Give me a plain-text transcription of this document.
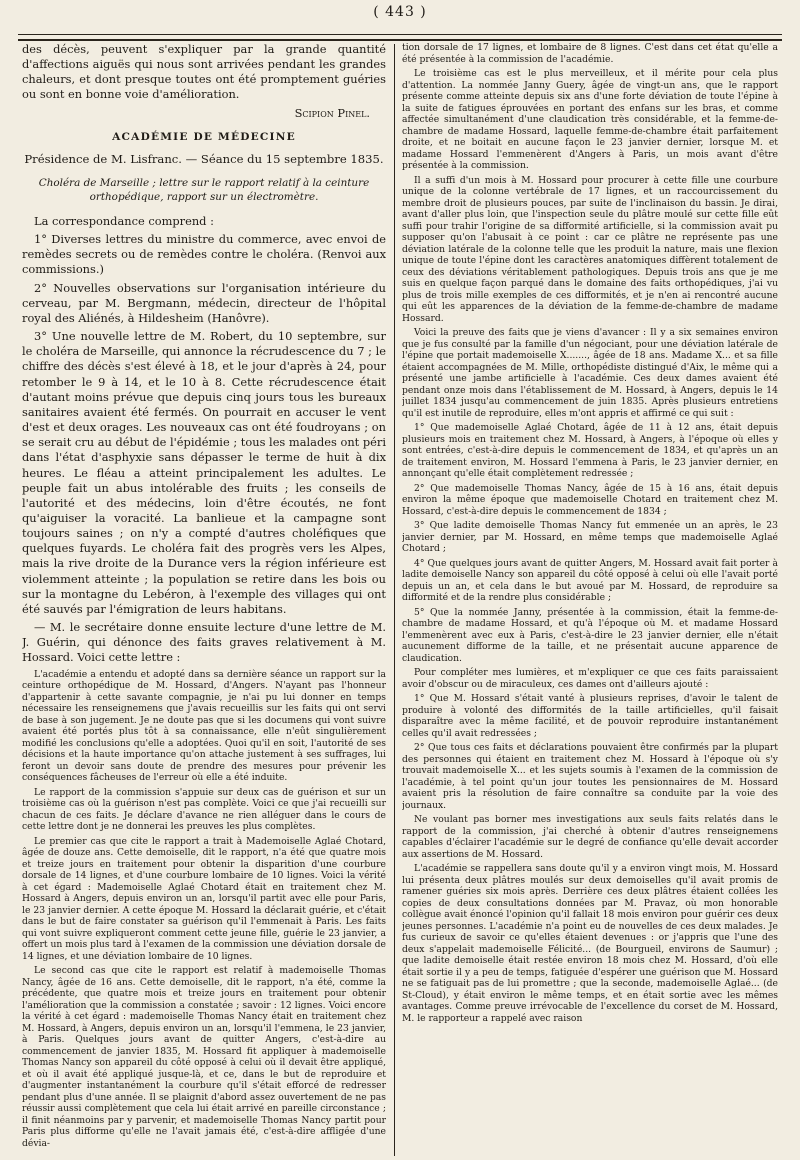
( 443 )

des décès, peuvent s'expliquer par la grande quantité d'affections aiguës qui nous sont arrivées pendant les grandes chaleurs, et dont presque toutes ont été promptement guéries ou sont en bonne voie d'amélioration.

Scipion Pinel.

ACADÉMIE DE MÉDECINE

Présidence de M. Lisfranc. — Séance du 15 septembre 1835.

Choléra de Marseille ; lettre sur le rapport relatif à la ceinture orthopédique, rapport sur un électromètre.

La correspondance comprend :

1° Diverses lettres du ministre du commerce, avec envoi de remèdes secrets ou de remèdes contre le choléra. (Renvoi aux commissions.)

2° Nouvelles observations sur l'organisation intérieure du cerveau, par M. Bergmann, médecin, directeur de l'hôpital royal des Aliénés, à Hildesheim (Hanôvre).

3° Une nouvelle lettre de M. Robert, du 10 septembre, sur le choléra de Marseille, qui annonce la récrudescence du 7 ; le chiffre des décès s'est élevé à 18, et le jour d'après à 24, pour retomber le 9 à 14, et le 10 à 8. Cette récrudescence était d'autant moins prévue que depuis cinq jours tous les bureaux sanitaires avaient été fermés. On pourrait en accuser le vent d'est et deux orages. Les nouveaux cas ont été foudroyans ; on se serait cru au début de l'épidémie ; tous les malades ont péri dans l'état d'asphyxie sans dépasser le terme de huit à dix heures. Le fléau a atteint principalement les adultes. Le peuple fait un abus intolérable des fruits ; les conseils de l'autorité et des médecins, loin d'être écoutés, ne font qu'aiguiser la voracité. La banlieue et la campagne sont toujours saines ; on n'y a compté d'autres choléfiques que quelques fuyards. Le choléra fait des progrès vers les Alpes, mais la rive droite de la Durance vers la région inférieure est violemment atteinte ; la population se retire dans les bois ou sur la montagne du Lebéron, à l'exemple des villages qui ont été sauvés par l'émigration de leurs habitans.

— M. le secrétaire donne ensuite lecture d'une lettre de M. J. Guérin, qui dénonce des faits graves relativement à M. Hossard. Voici cette lettre :

L'académie a entendu et adopté dans sa dernière séance un rapport sur la ceinture orthopédique de M. Hossard, d'Angers. N'ayant pas l'honneur d'appartenir à cette savante compagnie, je n'ai pu lui donner en temps nécessaire les renseignemens que j'avais recueillis sur les faits qui ont servi de base à son jugement. Je ne doute pas que si les documens qui vont suivre avaient été portés plus tôt à sa connaissance, elle n'eût singulièrement modifié les conclusions qu'elle a adoptées. Quoi qu'il en soit, l'autorité de ses décisions et la haute importance qu'on attache justement à ses suffrages, lui feront un devoir sans doute de prendre des mesures pour prévenir les conséquences fâcheuses de l'erreur où elle a été induite.

Le rapport de la commission s'appuie sur deux cas de guérison et sur un troisième cas où la guérison n'est pas complète. Voici ce que j'ai recueilli sur chacun de ces faits. Je déclare d'avance ne rien alléguer dans le cours de cette lettre dont je ne donnerai les preuves les plus complètes.

Le premier cas que cite le rapport a trait à Mademoiselle Aglaé Chotard, âgée de douze ans. Cette demoiselle, dit le rapport, n'a été que quatre mois et treize jours en traitement pour obtenir la disparition d'une courbure dorsale de 14 lignes, et d'une courbure lombaire de 10 lignes. Voici la vérité à cet égard : Mademoiselle Aglaé Chotard était en traitement chez M. Hossard à Angers, depuis environ un an, lorsqu'il partit avec elle pour Paris, le 23 janvier dernier. A cette époque M. Hossard la déclarait guérie, et c'était dans le but de faire constater sa guérison qu'il l'emmenait à Paris. Les faits qui vont suivre expliqueront comment cette jeune fille, guérie le 23 janvier, a offert un mois plus tard à l'examen de la commission une déviation dorsale de 14 lignes, et une déviation lombaire de 10 lignes.

Le second cas que cite le rapport est relatif à mademoiselle Thomas Nancy, âgée de 16 ans. Cette demoiselle, dit le rapport, n'a été, comme la précédente, que quatre mois et treize jours en traitement pour obtenir l'amélioration que la commission a constatée ; savoir : 12 lignes. Voici encore la vérité à cet égard : mademoiselle Thomas Nancy était en traitement chez M. Hossard, à Angers, depuis environ un an, lorsqu'il l'emmena, le 23 janvier, à Paris. Quelques jours avant de quitter Angers, c'est-à-dire au commencement de janvier 1835, M. Hossard fit appliquer à mademoiselle Thomas Nancy son appareil du côté opposé à celui où il devait être appliqué, et où il avait été appliqué jusque-là, et ce, dans le but de reproduire et d'augmenter instantanément la courbure qu'il s'était efforcé de redresser pendant plus d'une année. Il se plaignit d'abord assez ouvertement de ne pas réussir aussi complètement que cela lui était arrivé en pareille circonstance ; il finit néanmoins par y parvenir, et mademoiselle Thomas Nancy partit pour Paris plus difforme qu'elle ne l'avait jamais été, c'est-à-dire affligée d'une dévia-

tion dorsale de 17 lignes, et lombaire de 8 lignes. C'est dans cet état qu'elle a été présentée à la commission de l'académie.

Le troisième cas est le plus merveilleux, et il mérite pour cela plus d'attention. La nommée Janny Guery, âgée de vingt-un ans, que le rapport présente comme atteinte depuis six ans d'une forte déviation de toute l'épine à la suite de fatigues éprouvées en portant des enfans sur les bras, et comme affectée simultanément d'une claudication très considérable, et la femme-de-chambre de madame Hossard, laquelle femme-de-chambre était parfaitement droite, et ne boitait en aucune façon le 23 janvier dernier, lorsque M. et madame Hossard l'emmenèrent d'Angers à Paris, un mois avant d'être présentée à la commission.

Il a suffi d'un mois à M. Hossard pour procurer à cette fille une courbure unique de la colonne vertébrale de 17 lignes, et un raccourcissement du membre droit de plusieurs pouces, par suite de l'inclinaison du bassin. Je dirai, avant d'aller plus loin, que l'inspection seule du plâtre moulé sur cette fille eût suffi pour trahir l'origine de sa difformité artificielle, si la commission avait pu supposer qu'on l'abusait à ce point : car ce plâtre ne représente pas une déviation latérale de la colonne telle que les produit la nature, mais une flexion unique de toute l'épine dont les caractères anatomiques diffèrent totalement de ceux des déviations véritablement pathologiques. Depuis trois ans que je me suis en quelque façon parqué dans le domaine des faits orthopédiques, j'ai vu plus de trois mille exemples de ces difformités, et je n'en ai rencontré aucune qui eût les apparences de la déviation de la femme-de-chambre de madame Hossard.

Voici la preuve des faits que je viens d'avancer : Il y a six semaines environ que je fus consulté par la famille d'un négociant, pour une déviation latérale de l'épine que portait mademoiselle X......., âgée de 18 ans. Madame X... et sa fille étaient accompagnées de M. Mille, orthopédiste distingué d'Aix, le même qui a présenté une jambe artificielle à l'académie. Ces deux dames avaient été pendant onze mois dans l'établissement de M. Hossard, à Angers, depuis le 14 juillet 1834 jusqu'au commencement de juin 1835. Après plusieurs entretiens qu'il est inutile de reproduire, elles m'ont appris et affirmé ce qui suit :

1° Que mademoiselle Aglaé Chotard, âgée de 11 à 12 ans, était depuis plusieurs mois en traitement chez M. Hossard, à Angers, à l'époque où elles y sont entrées, c'est-à-dire depuis le commencement de 1834, et qu'après un an de traitement environ, M. Hossard l'emmena à Paris, le 23 janvier dernier, en annonçant qu'elle était complètement redressée ;

2° Que mademoiselle Thomas Nancy, âgée de 15 à 16 ans, était depuis environ la même époque que mademoiselle Chotard en traitement chez M. Hossard, c'est-à-dire depuis le commencement de 1834 ;

3° Que ladite demoiselle Thomas Nancy fut emmenée un an après, le 23 janvier dernier, par M. Hossard, en même temps que mademoiselle Aglaé Chotard ;

4° Que quelques jours avant de quitter Angers, M. Hossard avait fait porter à ladite demoiselle Nancy son appareil du côté opposé à celui où elle l'avait porté depuis un an, et cela dans le but avoué par M. Hossard, de reproduire sa difformité et de la rendre plus considérable ;

5° Que la nommée Janny, présentée à la commission, était la femme-de-chambre de madame Hossard, et qu'à l'époque où M. et madame Hossard l'emmenèrent avec eux à Paris, c'est-à-dire le 23 janvier dernier, elle n'était aucunement difforme de la taille, et ne présentait aucune apparence de claudication.

Pour compléter mes lumières, et m'expliquer ce que ces faits paraissaient avoir d'obscur ou de miraculeux, ces dames ont d'ailleurs ajouté :

1° Que M. Hossard s'était vanté à plusieurs reprises, d'avoir le talent de produire à volonté des difformités de la taille artificielles, qu'il faisait disparaître avec la même facilité, et de pouvoir reproduire instantanément celles qu'il avait redressées ;

2° Que tous ces faits et déclarations pouvaient être confirmés par la plupart des personnes qui étaient en traitement chez M. Hossard à l'époque où s'y trouvait mademoiselle X... et les sujets soumis à l'examen de la commission de l'académie, à tel point qu'un jour toutes les pensionnaires de M. Hossard avaient pris la résolution de faire connaître sa conduite par la voie des journaux.

Ne voulant pas borner mes investigations aux seuls faits relatés dans le rapport de la commission, j'ai cherché à obtenir d'autres renseignemens capables d'éclairer l'académie sur le degré de confiance qu'elle devait accorder aux assertions de M. Hossard.

L'académie se rappellera sans doute qu'il y a environ vingt mois, M. Hossard lui présenta deux plâtres moulés sur deux demoiselles qu'il avait promis de ramener guéries six mois après. Derrière ces deux plâtres étaient collées les copies de deux consultations données par M. Pravaz, où mon honorable collègue avait énoncé l'opinion qu'il fallait 18 mois environ pour guérir ces deux jeunes personnes. L'académie n'a point eu de nouvelles de ces deux malades. Je fus curieux de savoir ce qu'elles étaient devenues : or j'appris que l'une des deux s'appelait mademoiselle Félicité... (de Bourgueil, environs de Saumur) ; que ladite demoiselle était restée environ 18 mois chez M. Hossard, d'où elle était sortie il y a peu de temps, fatiguée d'espérer une guérison que M. Hossard ne se fatiguait pas de lui promettre ; que la seconde, mademoiselle Aglaé... (de St-Cloud), y était environ le même temps, et en était sortie avec les mêmes avantages. Comme preuve irrévocable de l'excellence du corset de M. Hossard, M. le rapporteur a rappelé avec raison
